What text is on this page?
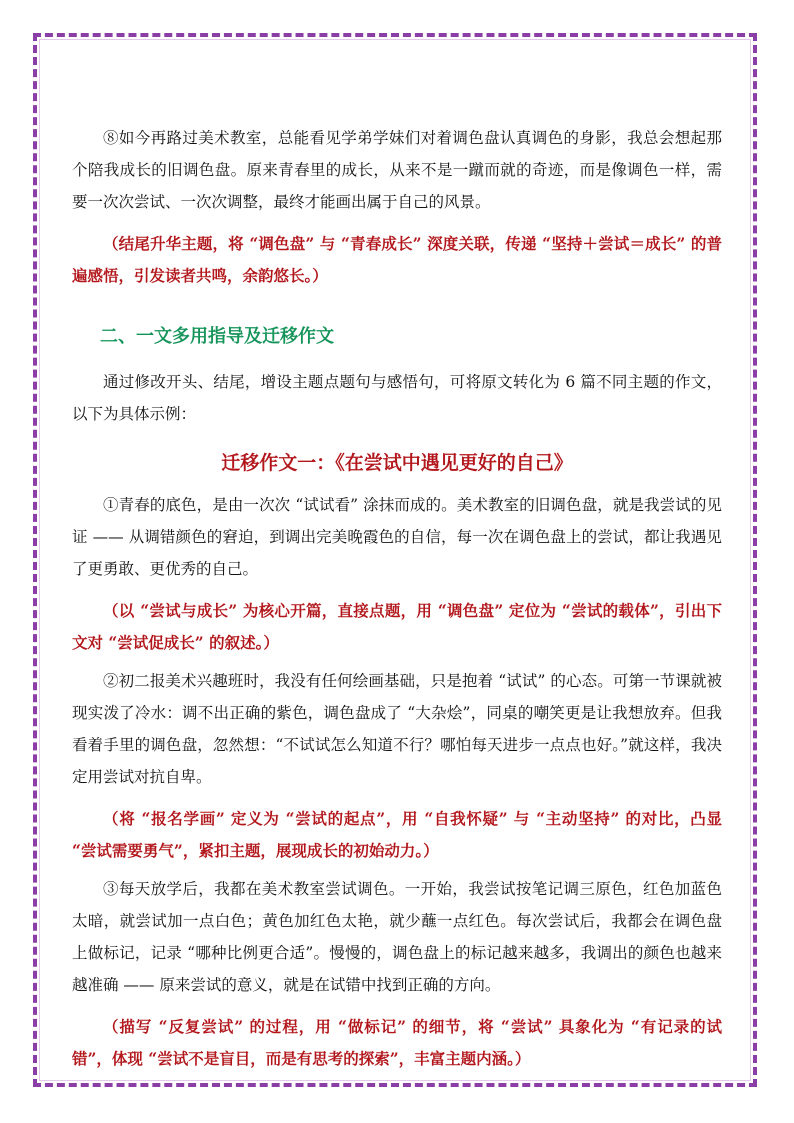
⑧如今再路过美术教室，总能看见学弟学妹们对着调色盘认真调色的身影，我总会想起那个陪我成长的旧调色盘。原来青春里的成长，从来不是一蹴而就的奇迹，而是像调色一样，需要一次次尝试、一次次调整，最终才能画出属于自己的风景。

（结尾升华主题，将 “调色盘” 与 “青春成长” 深度关联，传递 “坚持＋尝试＝成长” 的普遍感悟，引发读者共鸣，余韵悠长。）

二、一文多用指导及迁移作文

通过修改开头、结尾，增设主题点题句与感悟句，可将原文转化为 6 篇不同主题的作文，以下为具体示例：

迁移作文一：《在尝试中遇见更好的自己》

①青春的底色，是由一次次 “试试看” 涂抹而成的。美术教室的旧调色盘，就是我尝试的见证 —— 从调错颜色的窘迫，到调出完美晚霞色的自信，每一次在调色盘上的尝试，都让我遇见了更勇敢、更优秀的自己。

（以 “尝试与成长” 为核心开篇，直接点题，用 “调色盘” 定位为 “尝试的载体”，引出下文对 “尝试促成长” 的叙述。）

②初二报美术兴趣班时，我没有任何绘画基础，只是抱着 “试试” 的心态。可第一节课就被现实泼了冷水：调不出正确的紫色，调色盘成了 “大杂烩”，同桌的嘲笑更是让我想放弃。但我看着手里的调色盘，忽然想：“不试试怎么知道不行？哪怕每天进步一点点也好。”就这样，我决定用尝试对抗自卑。

（将 “报名学画” 定义为 “尝试的起点”，用 “自我怀疑” 与 “主动坚持” 的对比，凸显 “尝试需要勇气”，紧扣主题，展现成长的初始动力。）

③每天放学后，我都在美术教室尝试调色。一开始，我尝试按笔记调三原色，红色加蓝色太暗，就尝试加一点白色；黄色加红色太艳，就少蘸一点红色。每次尝试后，我都会在调色盘上做标记，记录 “哪种比例更合适”。慢慢的，调色盘上的标记越来越多，我调出的颜色也越来越准确 —— 原来尝试的意义，就是在试错中找到正确的方向。

（描写 “反复尝试” 的过程，用 “做标记” 的细节，将 “尝试” 具象化为 “有记录的试错”，体现 “尝试不是盲目，而是有思考的探索”，丰富主题内涵。）
